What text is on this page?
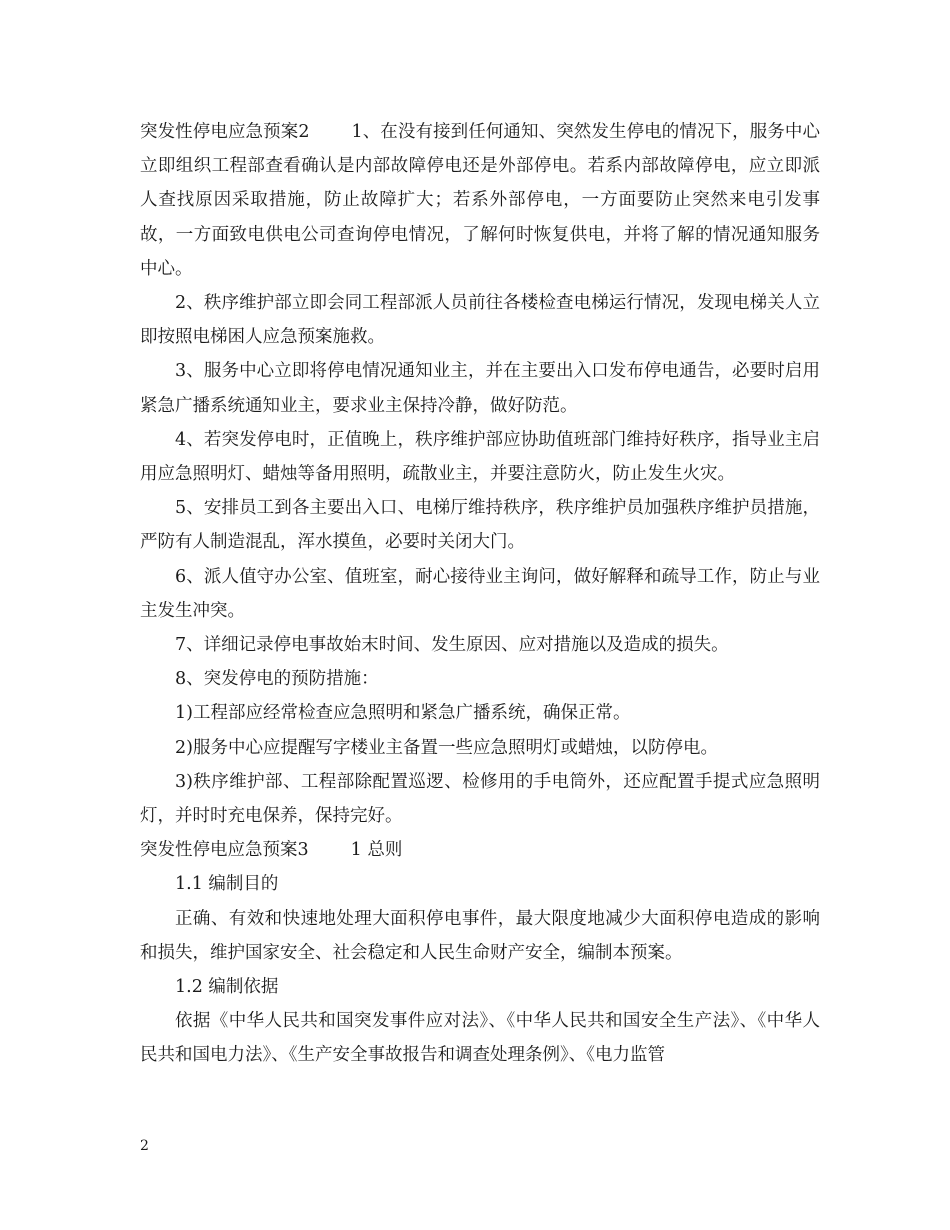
突发性停电应急预案2 1、在没有接到任何通知、突然发生停电的情况下，服务中心立即组织工程部查看确认是内部故障停电还是外部停电。若系内部故障停电，应立即派人查找原因采取措施，防止故障扩大；若系外部停电，一方面要防止突然来电引发事故，一方面致电供电公司查询停电情况，了解何时恢复供电，并将了解的情况通知服务中心。

2、秩序维护部立即会同工程部派人员前往各楼检查电梯运行情况，发现电梯关人立即按照电梯困人应急预案施救。

3、服务中心立即将停电情况通知业主，并在主要出入口发布停电通告，必要时启用紧急广播系统通知业主，要求业主保持冷静，做好防范。

4、若突发停电时，正值晚上，秩序维护部应协助值班部门维持好秩序，指导业主启用应急照明灯、蜡烛等备用照明，疏散业主，并要注意防火，防止发生火灾。

5、安排员工到各主要出入口、电梯厅维持秩序，秩序维护员加强秩序维护员措施，严防有人制造混乱，浑水摸鱼，必要时关闭大门。

6、派人值守办公室、值班室，耐心接待业主询问，做好解释和疏导工作，防止与业主发生冲突。

7、详细记录停电事故始末时间、发生原因、应对措施以及造成的损失。

8、突发停电的预防措施：

1)工程部应经常检查应急照明和紧急广播系统，确保正常。

2)服务中心应提醒写字楼业主备置一些应急照明灯或蜡烛，以防停电。

3)秩序维护部、工程部除配置巡逻、检修用的手电筒外，还应配置手提式应急照明灯，并时时充电保养，保持完好。

突发性停电应急预案3 1 总则

1.1 编制目的

正确、有效和快速地处理大面积停电事件，最大限度地减少大面积停电造成的影响和损失，维护国家安全、社会稳定和人民生命财产安全，编制本预案。

1.2 编制依据

依据《中华人民共和国突发事件应对法》、《中华人民共和国安全生产法》、《中华人民共和国电力法》、《生产安全事故报告和调查处理条例》、《电力监管

2
